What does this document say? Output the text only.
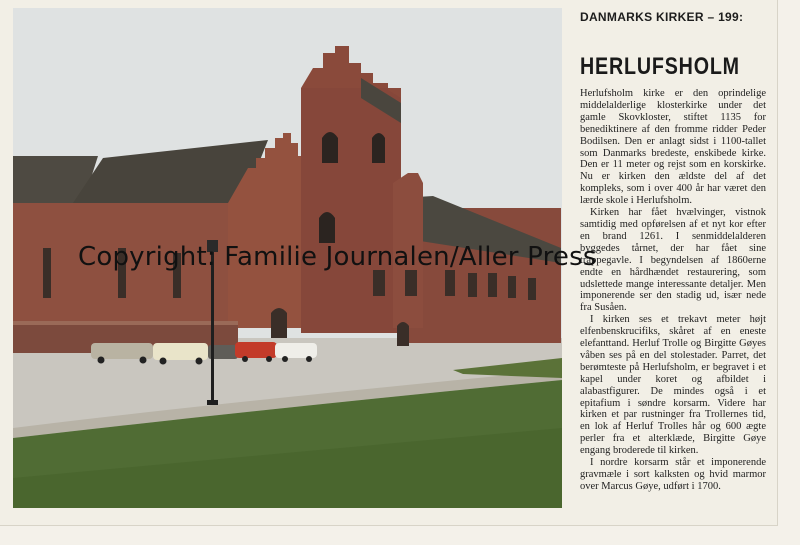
DANMARKS KIRKER – 199:
HERLUFSHOLM

Herlufsholm kirke er den oprindelige middelalderlige klosterkirke under det gamle Skovkloster, stiftet 1135 for benediktinere af den fromme ridder Peder Bodilsen. Den er anlagt sidst i 1100-tallet som Danmarks bredeste, enskibede kirke. Den er 11 meter og rejst som en korskirke. Nu er kirken den ældste del af det kompleks, som i over 400 år har været den lærde skole i Herlufsholm.

Kirken har fået hvælvinger, vistnok samtidig med opførelsen af et nyt kor efter en brand 1261. I senmiddelalderen byggedes tårnet, der har fået sine trappegavle. I begyndelsen af 1860erne endte en hårdhændet restaurering, som udslettede mange interessante detaljer. Men imponerende ser den stadig ud, især nede fra Susåen.

I kirken ses et trekavt meter højt elfenbenskrucifiks, skåret af en eneste elefanttand. Herluf Trolle og Birgitte Gøyes våben ses på en del stolestader. Parret, det berømteste på Herlufsholm, er begravet i et kapel under koret og afbildet i alabastfigurer. De mindes også i et epitafium i søndre korsarm. Videre har kirken et par rustninger fra Trollernes tid, en lok af Herluf Trolles hår og 600 ægte perler fra et alterklæde, Birgitte Gøye engang broderede til kirken.

I nordre korsarm står et imponerende gravmæle i sort kalksten og hvid marmor over Marcus Gøye, udført i 1700.

Copyright: Familie Journalen/Aller Press
